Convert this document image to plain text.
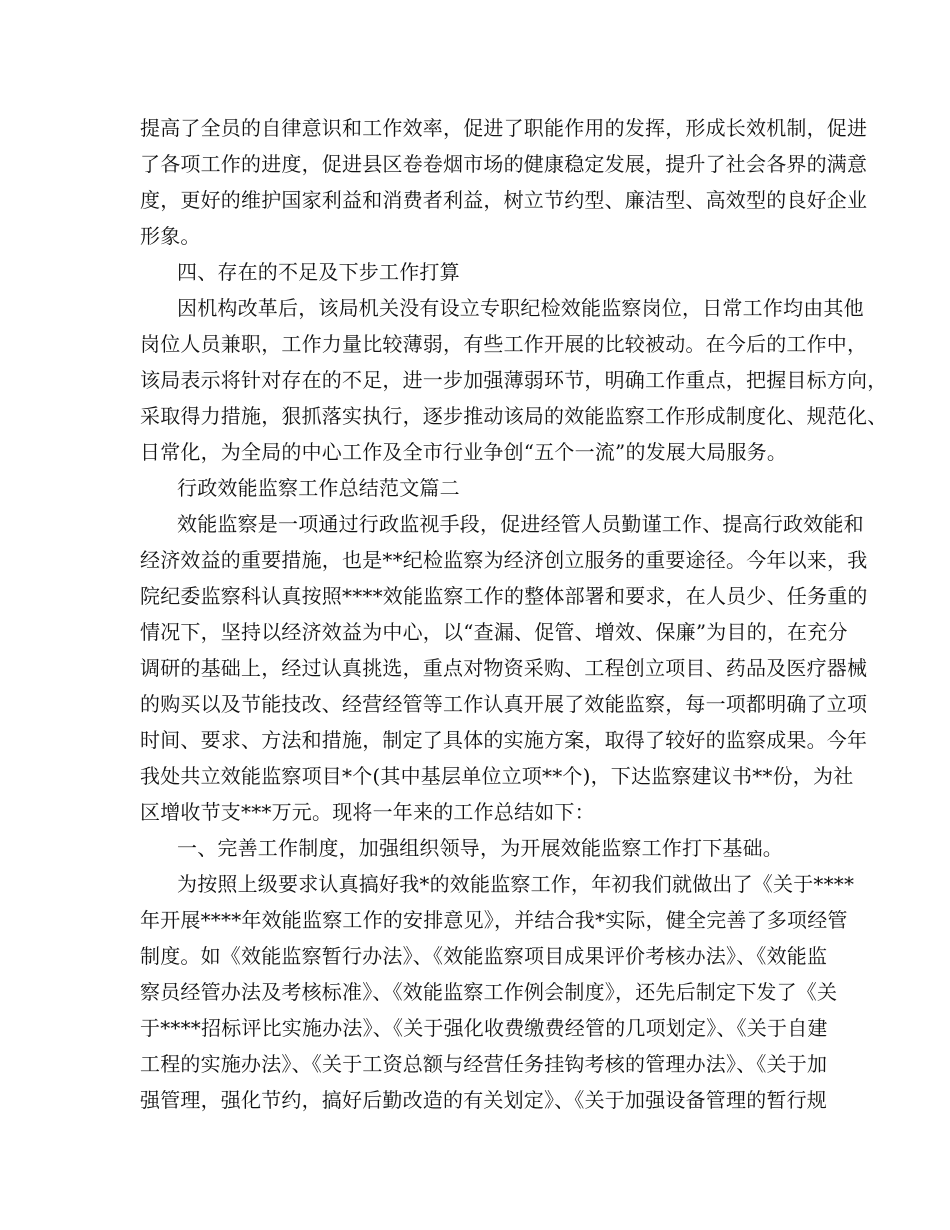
提高了全员的自律意识和工作效率，促进了职能作用的发挥，形成长效机制，促进
了各项工作的进度，促进县区卷卷烟市场的健康稳定发展，提升了社会各界的满意
度，更好的维护国家利益和消费者利益，树立节约型、廉洁型、高效型的良好企业
形象。
四、存在的不足及下步工作打算
因机构改革后，该局机关没有设立专职纪检效能监察岗位，日常工作均由其他
岗位人员兼职，工作力量比较薄弱，有些工作开展的比较被动。在今后的工作中，
该局表示将针对存在的不足，进一步加强薄弱环节，明确工作重点，把握目标方向，
采取得力措施，狠抓落实执行，逐步推动该局的效能监察工作形成制度化、规范化、
日常化，为全局的中心工作及全市行业争创“五个一流”的发展大局服务。
行政效能监察工作总结范文篇二
效能监察是一项通过行政监视手段，促进经管人员勤谨工作、提高行政效能和
经济效益的重要措施，也是**纪检监察为经济创立服务的重要途径。今年以来，我
院纪委监察科认真按照****效能监察工作的整体部署和要求，在人员少、任务重的
情况下，坚持以经济效益为中心，以“查漏、促管、增效、保廉”为目的，在充分
调研的基础上，经过认真挑选，重点对物资采购、工程创立项目、药品及医疗器械
的购买以及节能技改、经营经管等工作认真开展了效能监察，每一项都明确了立项
时间、要求、方法和措施，制定了具体的实施方案，取得了较好的监察成果。今年
我处共立效能监察项目*个(其中基层单位立项**个)，下达监察建议书**份，为社
区增收节支***万元。现将一年来的工作总结如下：
一、完善工作制度，加强组织领导，为开展效能监察工作打下基础。
为按照上级要求认真搞好我*的效能监察工作，年初我们就做出了《关于****
年开展****年效能监察工作的安排意见》，并结合我*实际，健全完善了多项经管
制度。如《效能监察暂行办法》、《效能监察项目成果评价考核办法》、《效能监
察员经管办法及考核标准》、《效能监察工作例会制度》，还先后制定下发了《关
于****招标评比实施办法》、《关于强化收费缴费经管的几项划定》、《关于自建
工程的实施办法》、《关于工资总额与经营任务挂钩考核的管理办法》、《关于加
强管理，强化节约，搞好后勤改造的有关划定》、《关于加强设备管理的暂行规
